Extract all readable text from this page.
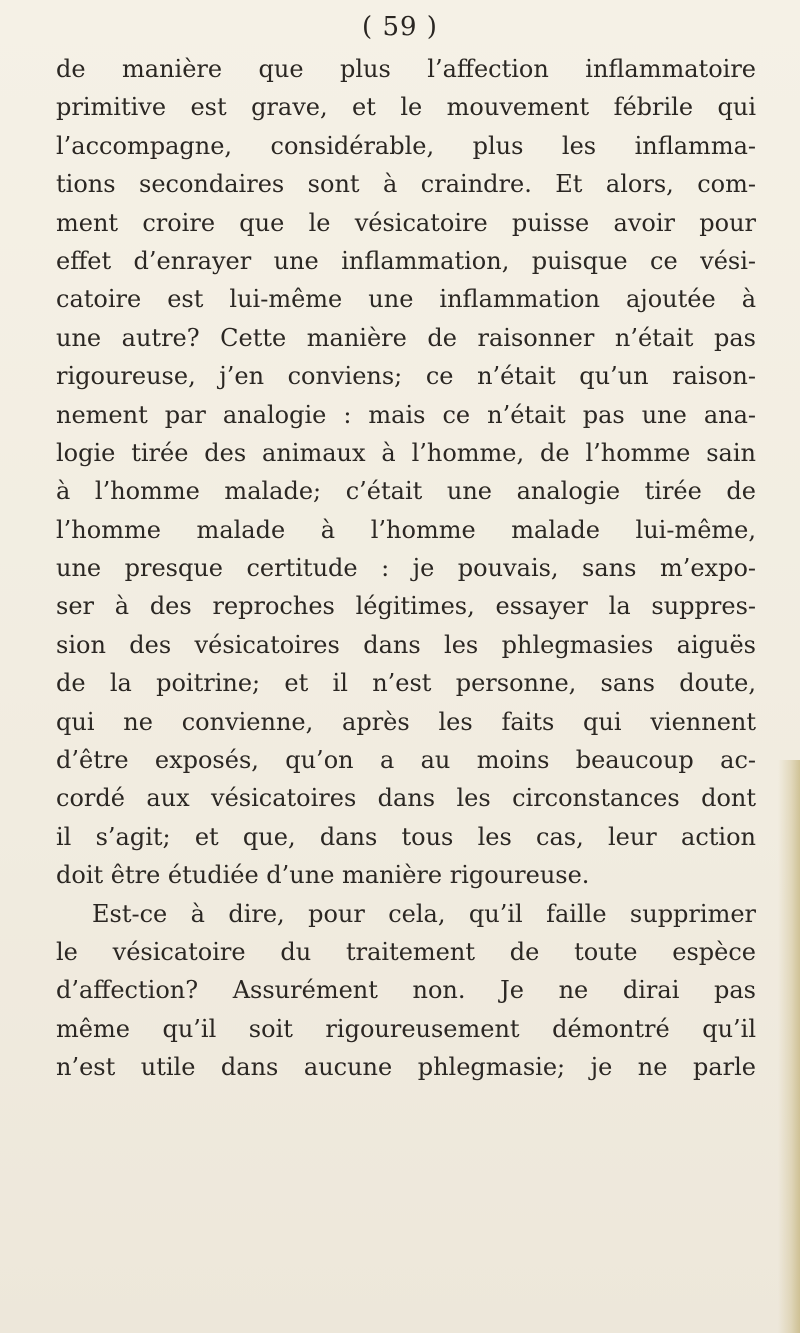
( 59 )
de manière que plus l’affection inflammatoire
primitive est grave, et le mouvement fébrile qui
l’accompagne, considérable, plus les inflamma-
tions secondaires sont à craindre. Et alors, com-
ment croire que le vésicatoire puisse avoir pour
effet d’enrayer une inflammation, puisque ce vési-
catoire est lui-même une inflammation ajoutée à
une autre? Cette manière de raisonner n’était pas
rigoureuse, j’en conviens; ce n’était qu’un raison-
nement par analogie : mais ce n’était pas une ana-
logie tirée des animaux à l’homme, de l’homme sain
à l’homme malade; c’était une analogie tirée de
l’homme malade à l’homme malade lui-même,
une presque certitude : je pouvais, sans m’expo-
ser à des reproches légitimes, essayer la suppres-
sion des vésicatoires dans les phlegmasies aiguës
de la poitrine; et il n’est personne, sans doute,
qui ne convienne, après les faits qui viennent
d’être exposés, qu’on a au moins beaucoup ac-
cordé aux vésicatoires dans les circonstances dont
il s’agit; et que, dans tous les cas, leur action
doit être étudiée d’une manière rigoureuse.
Est-ce à dire, pour cela, qu’il faille supprimer
le vésicatoire du traitement de toute espèce
d’affection? Assurément non. Je ne dirai pas
même qu’il soit rigoureusement démontré qu’il
n’est utile dans aucune phlegmasie; je ne parle
